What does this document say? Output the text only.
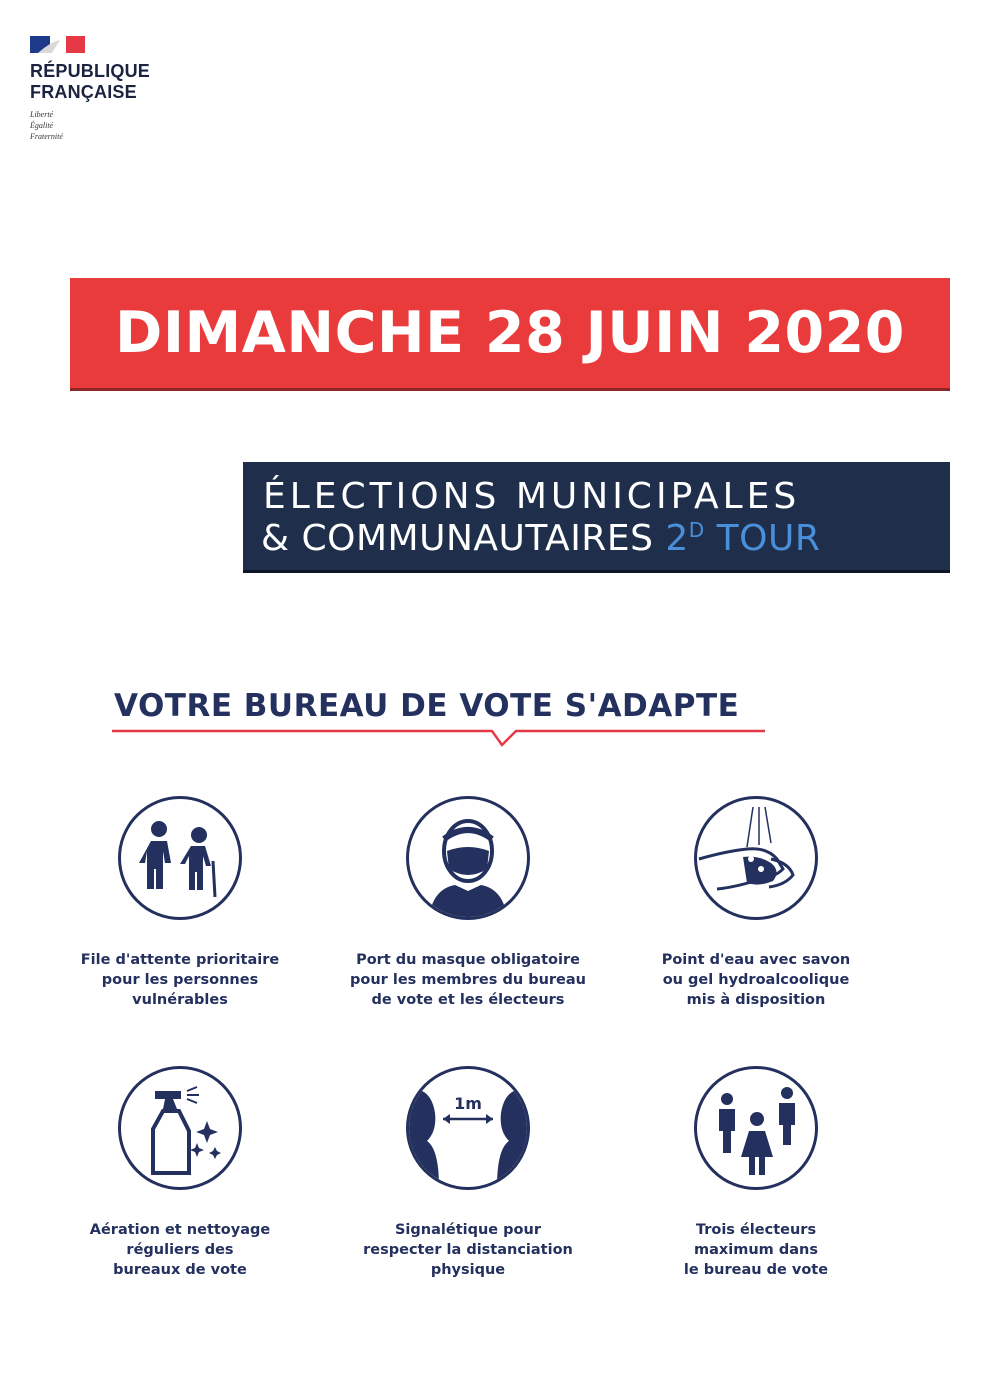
RÉPUBLIQUE
FRANÇAISE
Liberté
Égalité
Fraternité
DIMANCHE 28 JUIN 2020
ÉLECTIONS MUNICIPALES
& COMMUNAUTAIRES $2^D$ TOUR
VOTRE BUREAU DE VOTE S'ADAPTE
File d'attente prioritaire
pour les personnes
vulnérables
Port du masque obligatoire
pour les membres du bureau
de vote et les électeurs
Point d'eau avec savon
ou gel hydroalcoolique
mis à disposition
Aération et nettoyage
réguliers des
bureaux de vote
1m
Signalétique pour
respecter la distanciation
physique
Trois électeurs
maximum dans
le bureau de vote
